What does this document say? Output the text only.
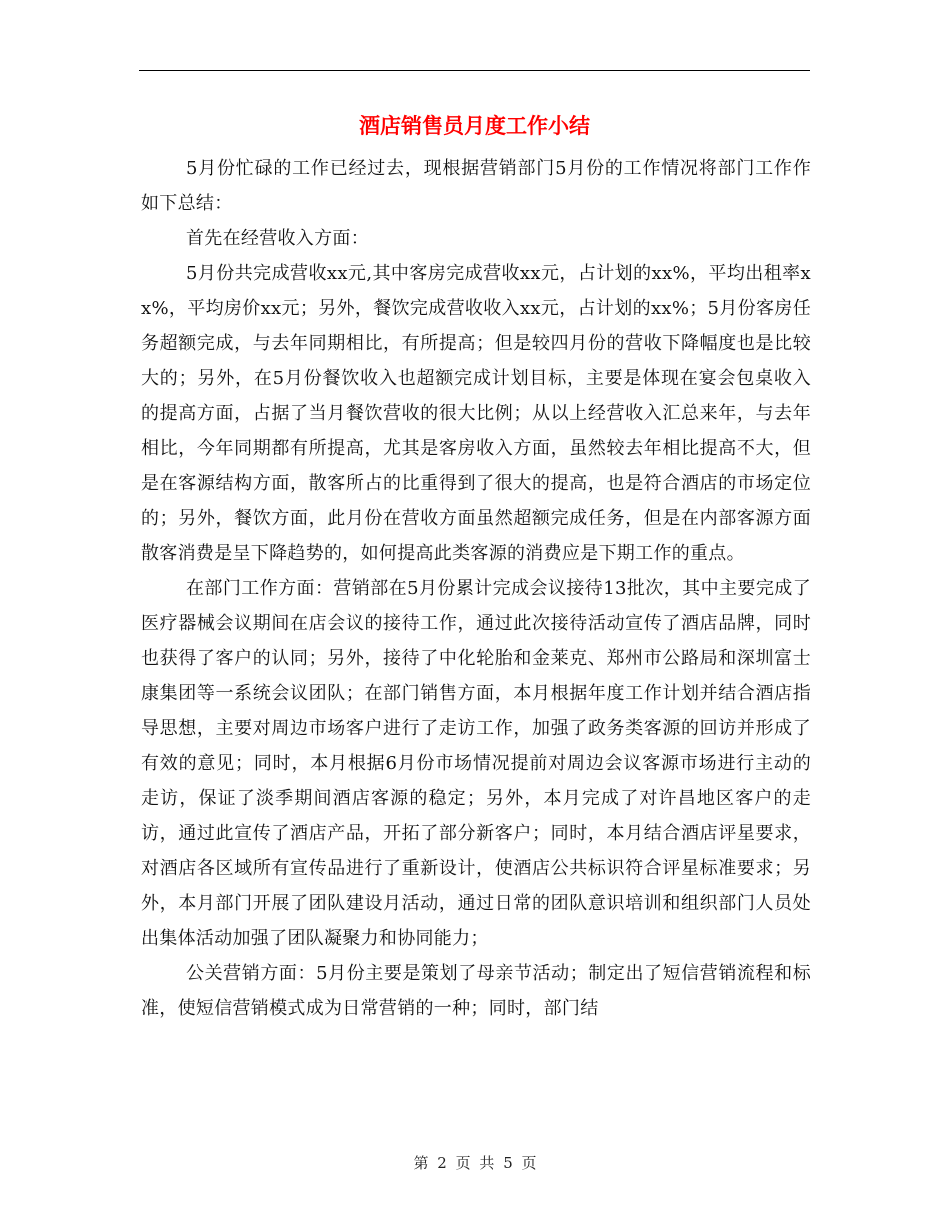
酒店销售员月度工作小结

5月份忙碌的工作已经过去，现根据营销部门5月份的工作情况将部门工作作如下总结：

首先在经营收入方面：

5月份共完成营收xx元,其中客房完成营收xx元，占计划的xx%，平均出租率xx%，平均房价xx元；另外，餐饮完成营收收入xx元，占计划的xx%；5月份客房任务超额完成，与去年同期相比，有所提高；但是较四月份的营收下降幅度也是比较大的；另外，在5月份餐饮收入也超额完成计划目标，主要是体现在宴会包桌收入的提高方面，占据了当月餐饮营收的很大比例；从以上经营收入汇总来年，与去年相比，今年同期都有所提高，尤其是客房收入方面，虽然较去年相比提高不大，但是在客源结构方面，散客所占的比重得到了很大的提高，也是符合酒店的市场定位的；另外，餐饮方面，此月份在营收方面虽然超额完成任务，但是在内部客源方面散客消费是呈下降趋势的，如何提高此类客源的消费应是下期工作的重点。

在部门工作方面：营销部在5月份累计完成会议接待13批次，其中主要完成了医疗器械会议期间在店会议的接待工作，通过此次接待活动宣传了酒店品牌，同时也获得了客户的认同；另外，接待了中化轮胎和金莱克、郑州市公路局和深圳富士康集团等一系统会议团队；在部门销售方面，本月根据年度工作计划并结合酒店指导思想，主要对周边市场客户进行了走访工作，加强了政务类客源的回访并形成了有效的意见；同时，本月根据6月份市场情况提前对周边会议客源市场进行主动的走访，保证了淡季期间酒店客源的稳定；另外，本月完成了对许昌地区客户的走访，通过此宣传了酒店产品，开拓了部分新客户；同时，本月结合酒店评星要求，对酒店各区域所有宣传品进行了重新设计，使酒店公共标识符合评星标准要求；另外，本月部门开展了团队建设月活动，通过日常的团队意识培训和组织部门人员处出集体活动加强了团队凝聚力和协同能力；

公关营销方面：5月份主要是策划了母亲节活动；制定出了短信营销流程和标准，使短信营销模式成为日常营销的一种；同时，部门结

第 2 页 共 5 页
